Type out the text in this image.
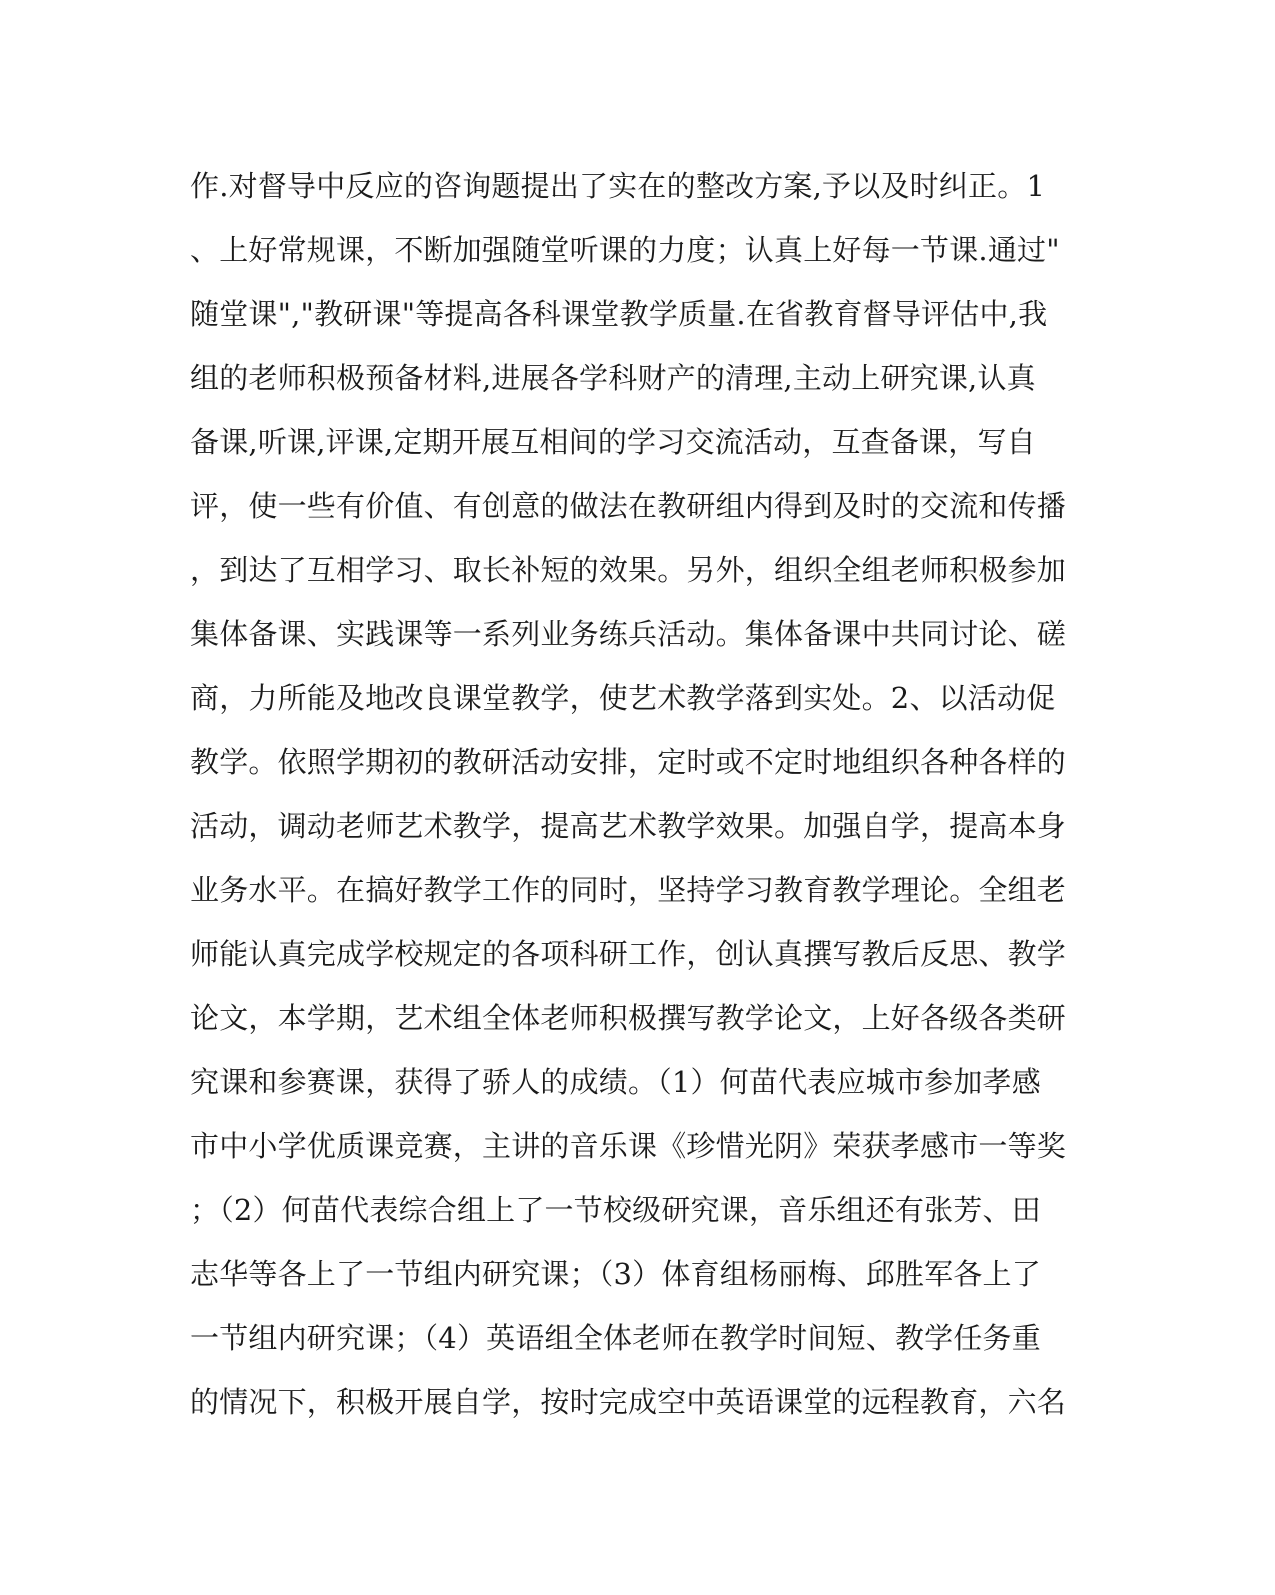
作.对督导中反应的咨询题提出了实在的整改方案,予以及时纠正。1
、上好常规课，不断加强随堂听课的力度；认真上好每一节课.通过"
随堂课","教研课"等提高各科课堂教学质量.在省教育督导评估中,我
组的老师积极预备材料,进展各学科财产的清理,主动上研究课,认真
备课,听课,评课,定期开展互相间的学习交流活动，互查备课，写自
评，使一些有价值、有创意的做法在教研组内得到及时的交流和传播
，到达了互相学习、取长补短的效果。另外，组织全组老师积极参加
集体备课、实践课等一系列业务练兵活动。集体备课中共同讨论、磋
商，力所能及地改良课堂教学，使艺术教学落到实处。2、以活动促
教学。依照学期初的教研活动安排，定时或不定时地组织各种各样的
活动，调动老师艺术教学，提高艺术教学效果。加强自学，提高本身
业务水平。在搞好教学工作的同时，坚持学习教育教学理论。全组老
师能认真完成学校规定的各项科研工作，创认真撰写教后反思、教学
论文，本学期，艺术组全体老师积极撰写教学论文，上好各级各类研
究课和参赛课，获得了骄人的成绩。（1）何苗代表应城市参加孝感
市中小学优质课竞赛，主讲的音乐课《珍惜光阴》荣获孝感市一等奖
；（2）何苗代表综合组上了一节校级研究课，音乐组还有张芳、田
志华等各上了一节组内研究课；（3）体育组杨丽梅、邱胜军各上了
一节组内研究课；（4）英语组全体老师在教学时间短、教学任务重
的情况下，积极开展自学，按时完成空中英语课堂的远程教育，六名
